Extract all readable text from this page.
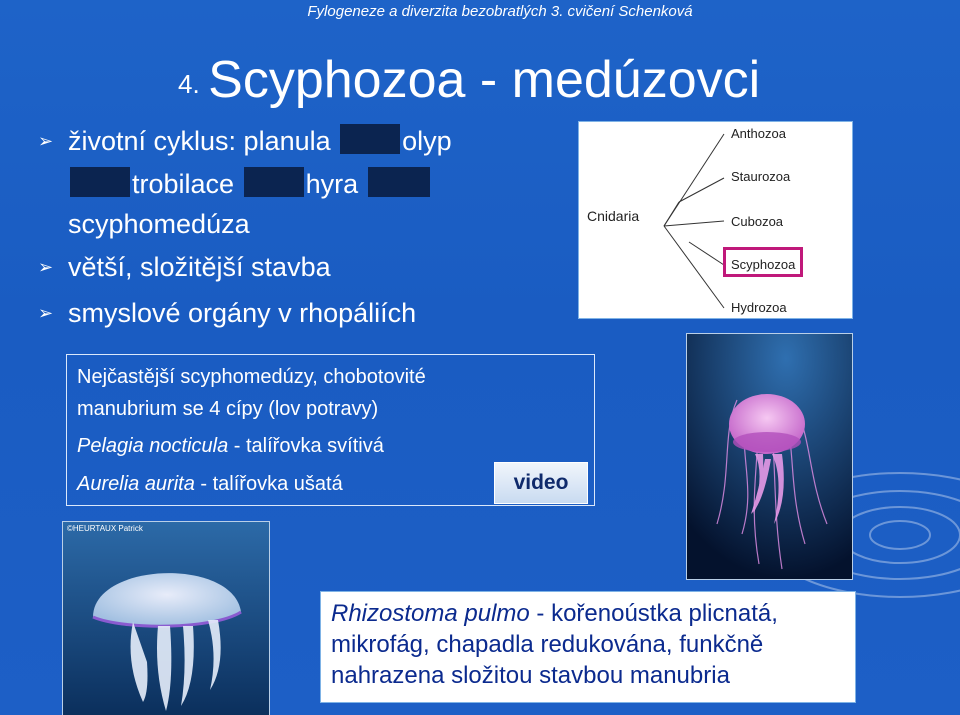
Fylogeneze a diverzita bezobratlých 3. cvičení Schenková
4. Scyphozoa - medúzovci
➢ životní cyklus: planula	olyp
trobilace	hyra
scyphomedúza
➢ větší, složitější stavba
➢ smyslové orgány v rhopáliích
Cnidaria
Anthozoa
Staurozoa
Cubozoa
Scyphozoa
Hydrozoa
Nejčastější scyphomedúzy, chobotovité
manubrium se 4 cípy (lov potravy)
Pelagia nocticula - talířovka svítivá
Aurelia aurita - talířovka ušatá	video
©HEURTAUX Patrick
Rhizostoma pulmo - kořenoústka plicnatá,
mikrofág, chapadla redukována, funkčně
nahrazena složitou stavbou manubria
